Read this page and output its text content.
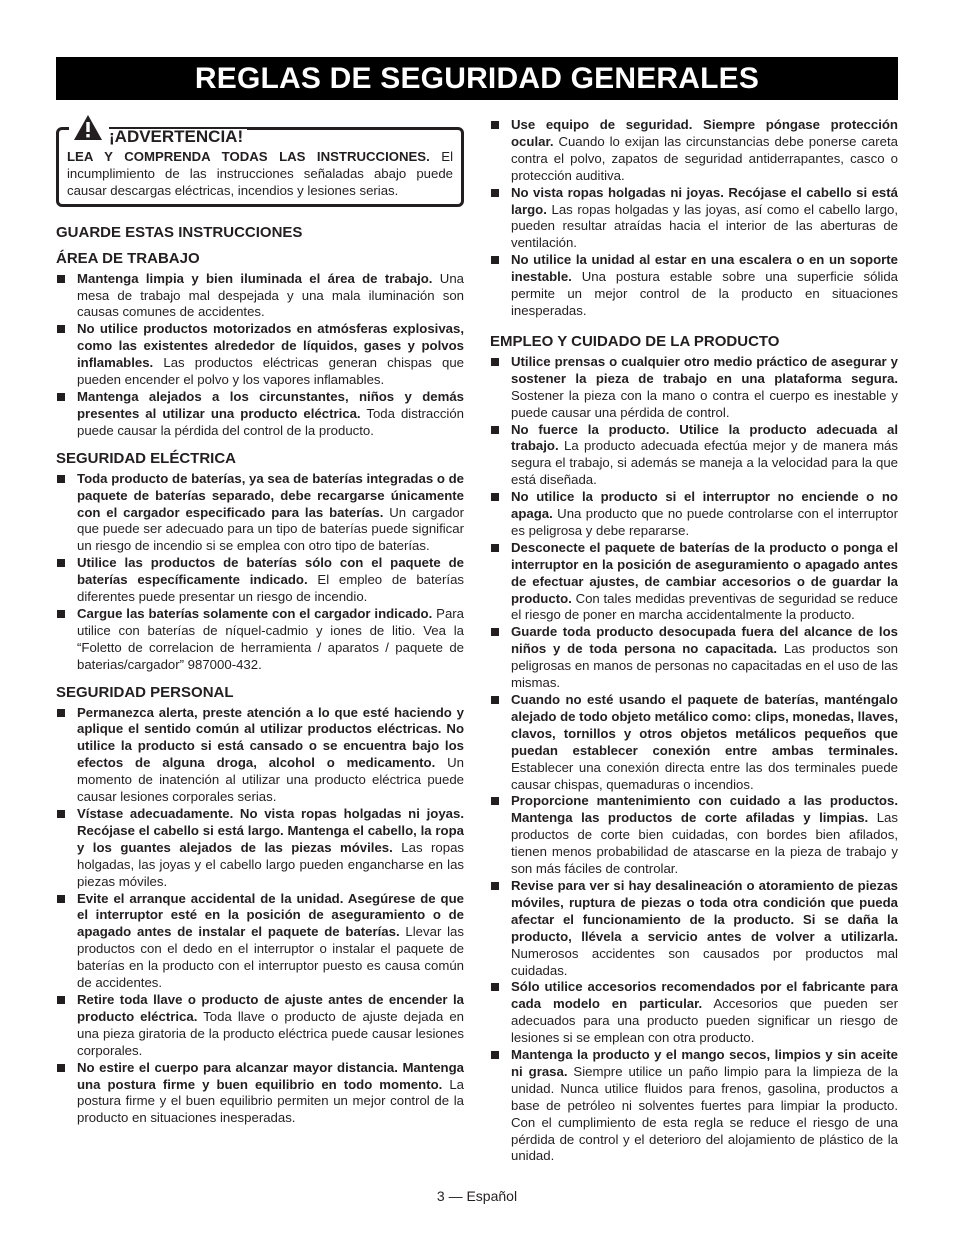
REGLAS DE SEGURIDAD GENERALES
¡ADVERTENCIA!
LEA Y COMPRENDA TODAS LAS INSTRUCCIONES. El incumplimiento de las instrucciones señaladas abajo puede causar descargas eléctricas, incendios y lesiones serias.
GUARDE ESTAS INSTRUCCIONES
ÁREA DE TRABAJO
Mantenga limpia y bien iluminada el área de trabajo. Una mesa de trabajo mal despejada y una mala iluminación son causas comunes de accidentes.
No utilice productos motorizados en atmósferas explosivas, como las existentes alrededor de líquidos, gases y polvos inflamables. Las productos eléctricas generan chispas que pueden encender el polvo y los vapores inflamables.
Mantenga alejados a los circunstantes, niños y demás presentes al utilizar una producto eléctrica. Toda distracción puede causar la pérdida del control de la producto.
SEGURIDAD ELÉCTRICA
Toda producto de baterías, ya sea de baterías integradas o de paquete de baterías separado, debe recargarse únicamente con el cargador especificado para las baterías. Un cargador que puede ser adecuado para un tipo de baterías puede significar un riesgo de incendio si se emplea con otro tipo de baterías.
Utilice las productos de baterías sólo con el paquete de baterías específicamente indicado. El empleo de baterías diferentes puede presentar un riesgo de incendio.
Cargue las baterías solamente con el cargador indicado. Para utilice con baterías de níquel-cadmio y iones de litio. Vea la “Foletto de correlacion de herramienta / aparatos / paquete de baterias/cargador” 987000-432.
SEGURIDAD PERSONAL
Permanezca alerta, preste atención a lo que esté haciendo y aplique el sentido común al utilizar productos eléctricas. No utilice la producto si está cansado o se encuentra bajo los efectos de alguna droga, alcohol o medicamento. Un momento de inatención al utilizar una producto eléctrica puede causar lesiones corporales serias.
Vístase adecuadamente. No vista ropas holgadas ni joyas. Recójase el cabello si está largo. Mantenga el cabello, la ropa y los guantes alejados de las piezas móviles. Las ropas holgadas, las joyas y el cabello largo pueden engancharse en las piezas móviles.
Evite el arranque accidental de la unidad. Asegúrese de que el interruptor esté en la posición de aseguramiento o de apagado antes de instalar el paquete de baterías. Llevar las productos con el dedo en el interruptor o instalar el paquete de baterías en la producto con el interruptor puesto es causa común de accidentes.
Retire toda llave o producto de ajuste antes de encender la producto eléctrica. Toda llave o producto de ajuste dejada en una pieza giratoria de la producto eléctrica puede causar lesiones corporales.
No estire el cuerpo para alcanzar mayor distancia. Mantenga una postura firme y buen equilibrio en todo momento. La postura firme y el buen equilibrio permiten un mejor control de la producto en situaciones inesperadas.
Use equipo de seguridad. Siempre póngase protección ocular. Cuando lo exijan las circunstancias debe ponerse careta contra el polvo, zapatos de seguridad antiderrapantes, casco o protección auditiva.
No vista ropas holgadas ni joyas. Recójase el cabello si está largo. Las ropas holgadas y las joyas, así como el cabello largo, pueden resultar atraídas hacia el interior de las aberturas de ventilación.
No utilice la unidad al estar en una escalera o en un soporte inestable. Una postura estable sobre una superficie sólida permite un mejor control de la producto en situaciones inesperadas.
EMPLEO Y CUIDADO DE LA PRODUCTO
Utilice prensas o cualquier otro medio práctico de asegurar y sostener la pieza de trabajo en una plataforma segura. Sostener la pieza con la mano o contra el cuerpo es inestable y puede causar una pérdida de control.
No fuerce la producto. Utilice la producto adecuada al trabajo. La producto adecuada efectúa mejor y de manera más segura el trabajo, si además se maneja a la velocidad para la que está diseñada.
No utilice la producto si el interruptor no enciende o no apaga. Una producto que no puede controlarse con el interruptor es peligrosa y debe repararse.
Desconecte el paquete de baterías de la producto o ponga el interruptor en la posición de aseguramiento o apagado antes de efectuar ajustes, de cambiar accesorios o de guardar la producto. Con tales medidas preventivas de seguridad se reduce el riesgo de poner en marcha accidentalmente la producto.
Guarde toda producto desocupada fuera del alcance de los niños y de toda persona no capacitada. Las productos son peligrosas en manos de personas no capacitadas en el uso de las mismas.
Cuando no esté usando el paquete de baterías, manténgalo alejado de todo objeto metálico como: clips, monedas, llaves, clavos, tornillos y otros objetos metálicos pequeños que puedan establecer conexión entre ambas terminales. Establecer una conexión directa entre las dos terminales puede causar chispas, quemaduras o incendios.
Proporcione mantenimiento con cuidado a las productos. Mantenga las productos de corte afiladas y limpias. Las productos de corte bien cuidadas, con bordes bien afilados, tienen menos probabilidad de atascarse en la pieza de trabajo y son más fáciles de controlar.
Revise para ver si hay desalineación o atoramiento de piezas móviles, ruptura de piezas o toda otra condición que pueda afectar el funcionamiento de la producto. Si se daña la producto, llévela a servicio antes de volver a utilizarla. Numerosos accidentes son causados por productos mal cuidadas.
Sólo utilice accesorios recomendados por el fabricante para cada modelo en particular. Accesorios que pueden ser adecuados para una producto pueden significar un riesgo de lesiones si se emplean con otra producto.
Mantenga la producto y el mango secos, limpios y sin aceite ni grasa. Siempre utilice un paño limpio para la limpieza de la unidad. Nunca utilice fluidos para frenos, gasolina, productos a base de petróleo ni solventes fuertes para limpiar la producto. Con el cumplimiento de esta regla se reduce el riesgo de una pérdida de control y el deterioro del alojamiento de plástico de la unidad.
3 — Español
